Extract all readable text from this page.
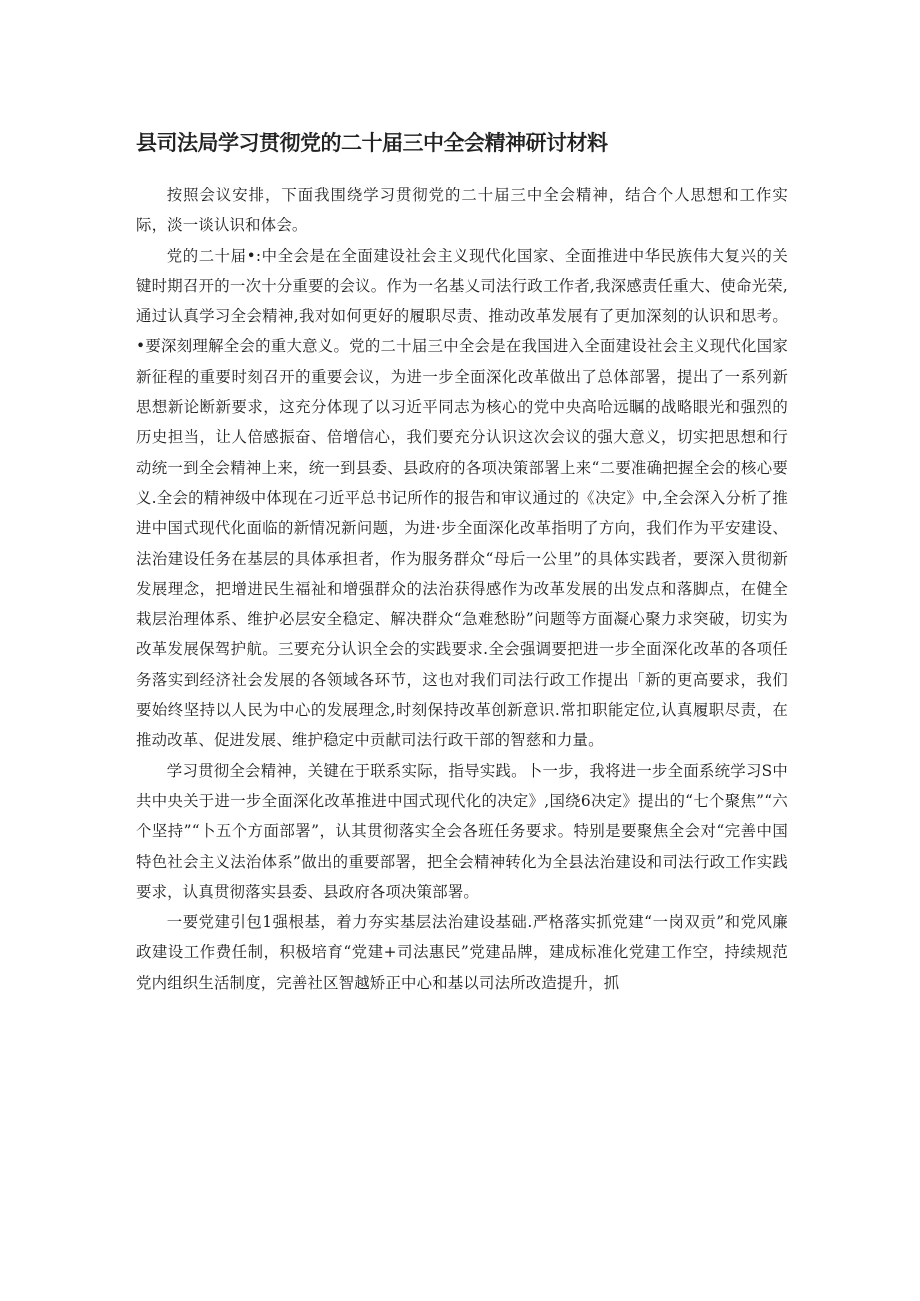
县司法局学习贯彻党的二十届三中全会精神研讨材料

按照会议安排，下面我围绕学习贯彻党的二十届三中全会精神，结合个人思想和工作实际，淡一谈认识和体会。

党的二十届•:中全会是在全面建设社会主义现代化国家、全面推进中华民族伟大复兴的关键时期召开的一次十分重要的会议。作为一名基乂司法行政工作者,我深感责任重大、使命光荣,通过认真学习全会精神,我对如何更好的履职尽责、推动改革发展有了更加深刻的认识和思考。•要深刻理解全会的重大意义。党的二十届三中全会是在我国进入全面建设社会主义现代化国家新征程的重要时刻召开的重要会议，为进一步全面深化改革做出了总体部署，提出了一系列新思想新论断新要求，这充分体现了以习近平同志为核心的党中央高哈远瞩的战略眼光和强烈的历史担当，让人倍感振奋、倍增信心，我们要充分认识这次会议的强大意义，切实把思想和行动统一到全会精神上来，统一到县委、县政府的各项决策部署上来“二要准确把握全会的核心要义.全会的精神级中体现在刁近平总书记所作的报告和审议通过的《决定》中,全会深入分析了推进中国式现代化面临的新情况新问题，为进·步全面深化改革指明了方向，我们作为平安建设、法治建设任务在基层的具体承担者，作为服务群众“母后一公里”的具体实践者，要深入贯彻新发展理念，把增进民生福祉和增强群众的法治获得感作为改革发展的出发点和落脚点，在健全栽层治理体系、维护必层安全稳定、解决群众“急难愁盼”问题等方面凝心聚力求突破，切实为改革发展保驾护航。三要充分认识全会的实践要求.全会强调要把进一步全面深化改革的各项任务落实到经济社会发展的各领域各环节，这也对我们司法行政工作提出「新的更高要求，我们要始终坚持以人民为中心的发展理念,时刻保持改革创新意识.常扣职能定位,认真履职尽责，在推动改革、促进发展、维护稳定中贡献司法行政干部的智慈和力量。

学习贯彻全会精神，关键在于联系实际，指导实践。卜一步，我将进一步全面系统学习S中共中央关于进一步全面深化改革推进中国式现代化的决定》,国绕6决定》提出的“七个聚焦”“六个坚持”“卜五个方面部署”，认其贯彻落实全会各班任务要求。特别是要聚焦全会对“完善中国特色社会主义法治体系”做出的重要部署，把全会精神转化为全县法治建设和司法行政工作实践要求，认真贯彻落实县委、县政府各项决策部署。

一要党建引包1强根基，着力夯实基层法治建设基础.严格落实抓党建“一岗双贡”和党风廉政建设工作费任制，积极培育“党建+司法惠民”党建品牌，建成标准化党建工作空，持续规范党内组织生活制度，完善社区智越矫正中心和基以司法所改造提升，抓
